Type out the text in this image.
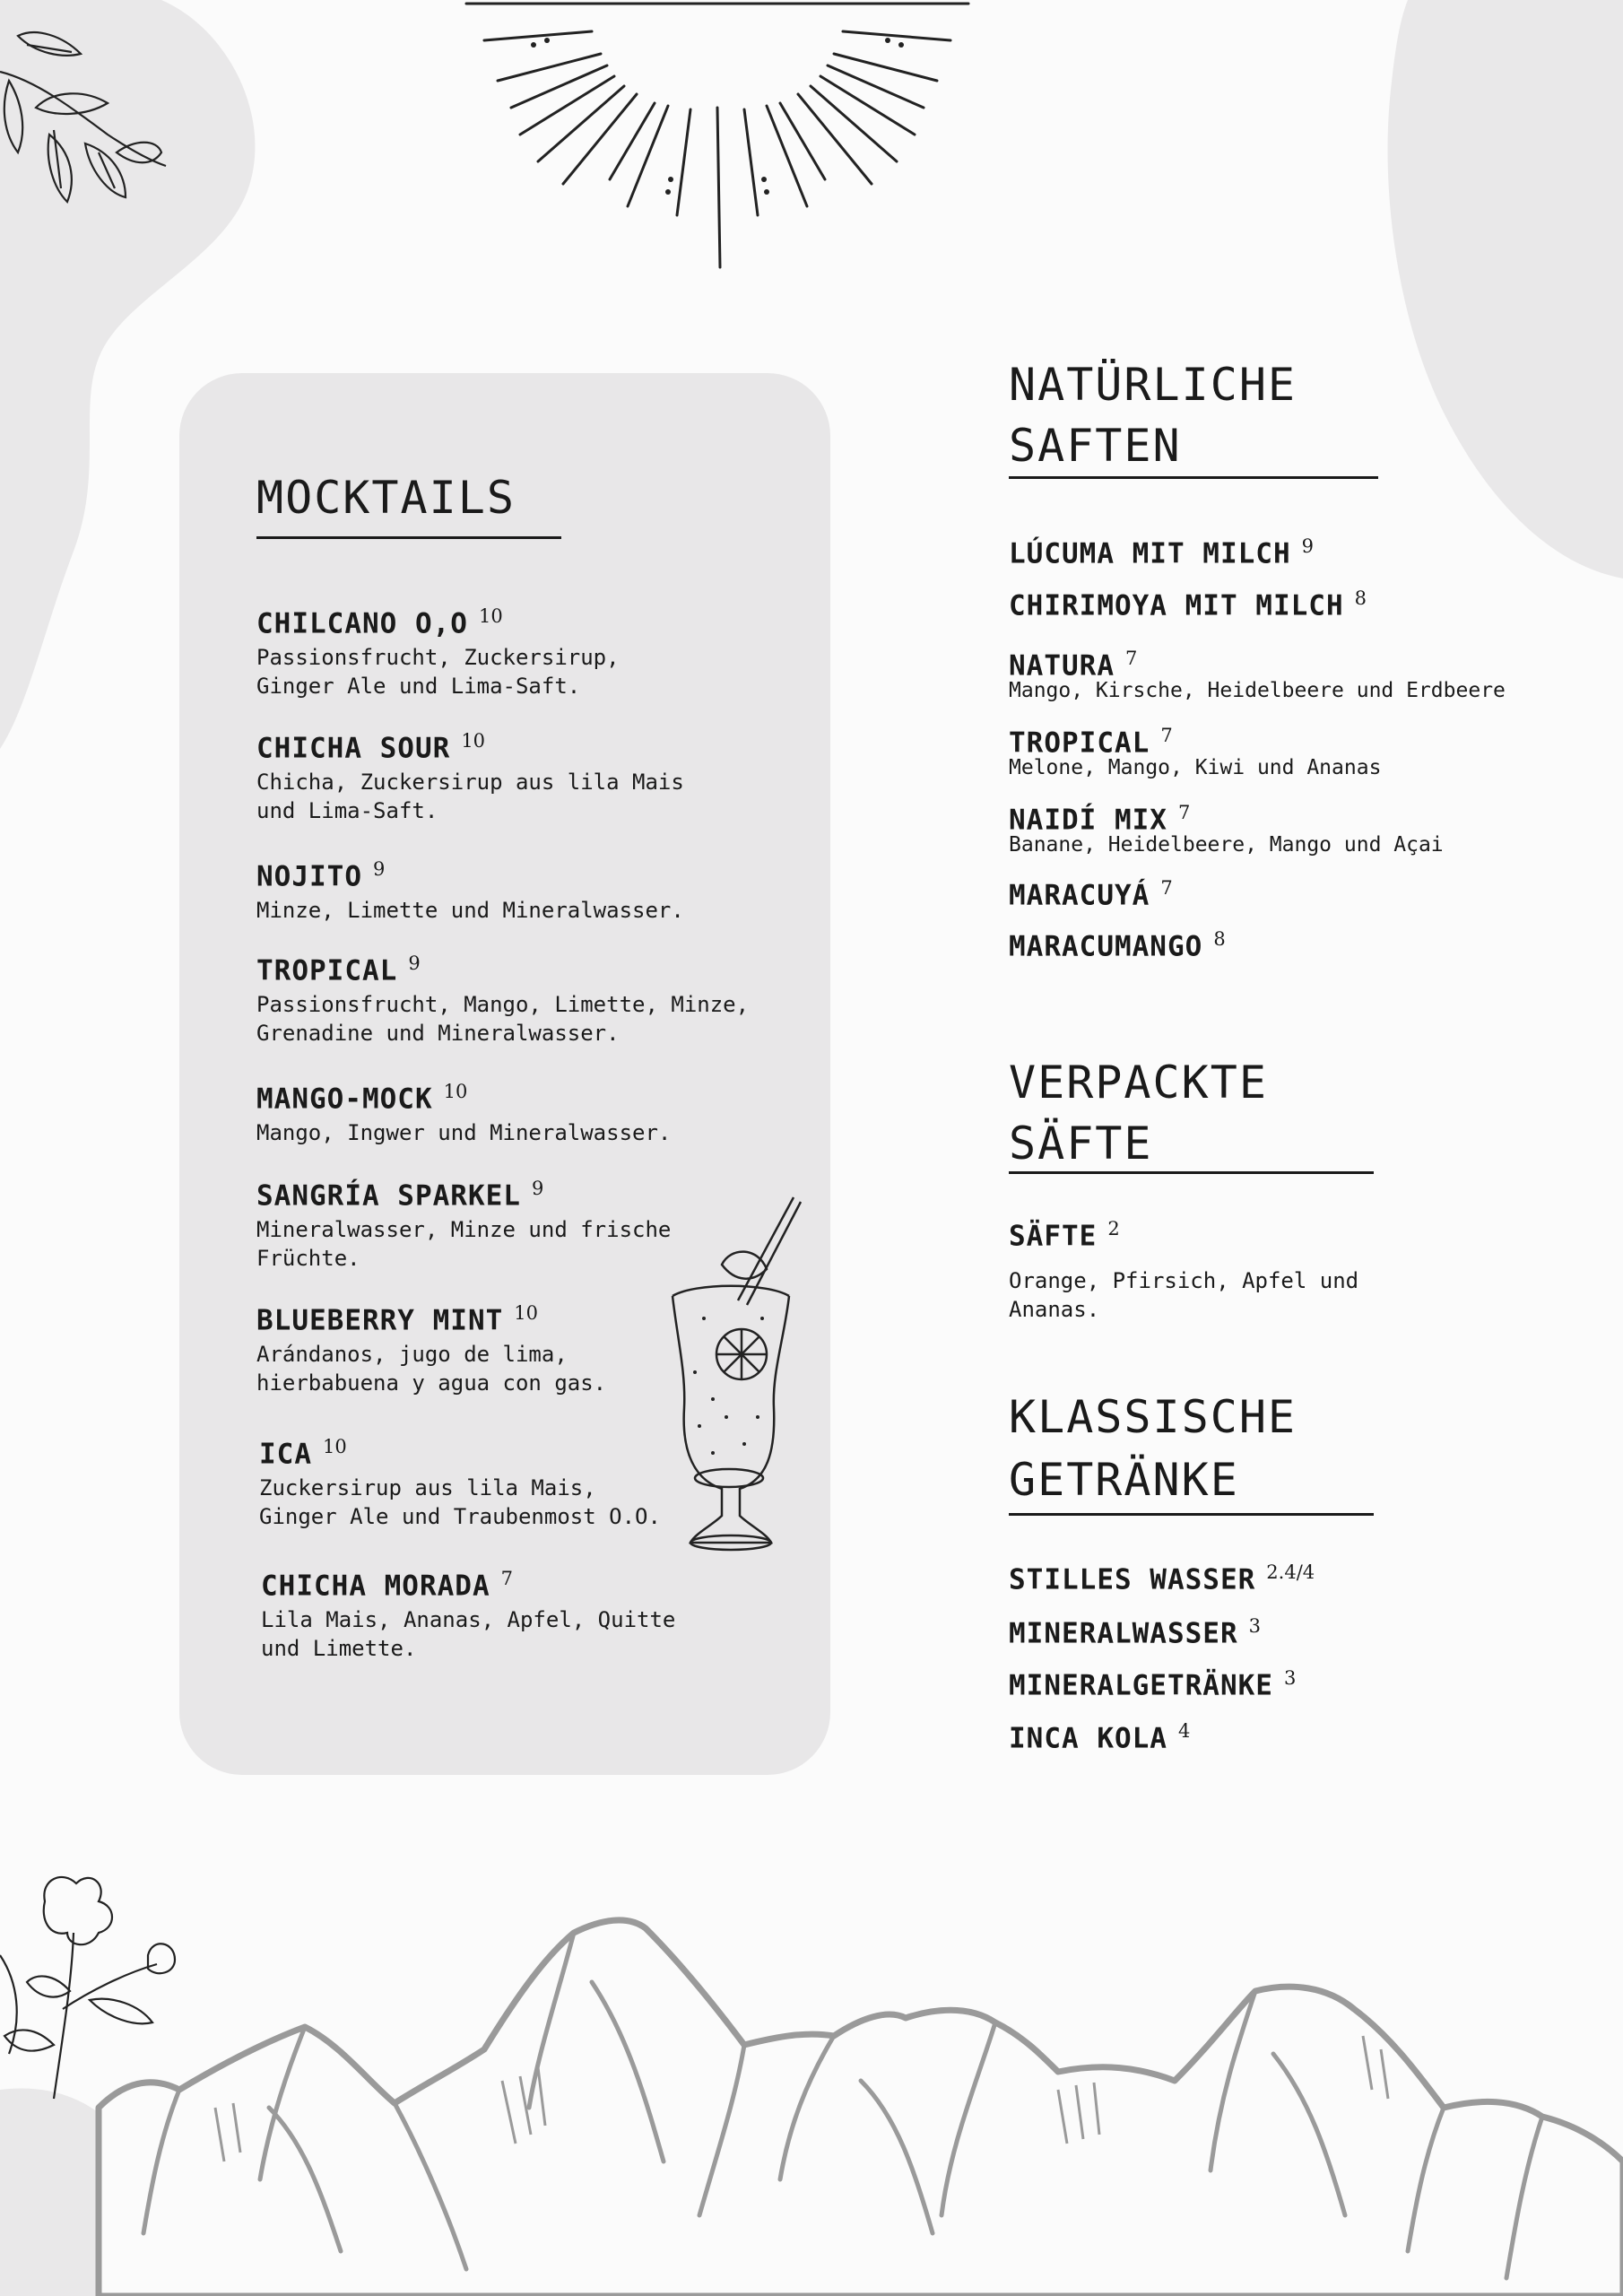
MOCKTAILS
CHILCANO O,O $^{10}$
Passionsfrucht, Zuckersirup,
Ginger Ale und Lima-Saft.
CHICHA SOUR $^{10}$
Chicha, Zuckersirup aus lila Mais
und Lima-Saft.
NOJITO $^9$
Minze, Limette und Mineralwasser.
TROPICAL $^9$
Passionsfrucht, Mango, Limette, Minze,
Grenadine und Mineralwasser.
MANGO-MOCK $^{10}$
Mango, Ingwer und Mineralwasser.
SANGRÍA SPARKEL $^9$
Mineralwasser, Minze und frische
Früchte.
BLUEBERRY MINT $^{10}$
Arándanos, jugo de lima,
hierbabuena y agua con gas.
ICA $^{10}$
Zuckersirup aus lila Mais,
Ginger Ale und Traubenmost O.O.
CHICHA MORADA $^7$
Lila Mais, Ananas, Apfel, Quitte
und Limette.
NATÜRLICHE
SAFTEN
LÚCUMA MIT MILCH $^9$
CHIRIMOYA MIT MILCH $^8$
NATURA $^7$
Mango, Kirsche, Heidelbeere und Erdbeere
TROPICAL $^7$
Melone, Mango, Kiwi und Ananas
NAIDÍ MIX $^7$
Banane, Heidelbeere, Mango und Açai
MARACUYÁ $^7$
MARACUMANGO $^8$
VERPACKTE
SÄFTE
SÄFTE $^2$
Orange, Pfirsich, Apfel und
Ananas.
KLASSISCHE
GETRÄNKE
STILLES WASSER $^{2.4/4}$
MINERALWASSER $^3$
MINERALGETRÄNKE $^3$
INCA KOLA $^4$
